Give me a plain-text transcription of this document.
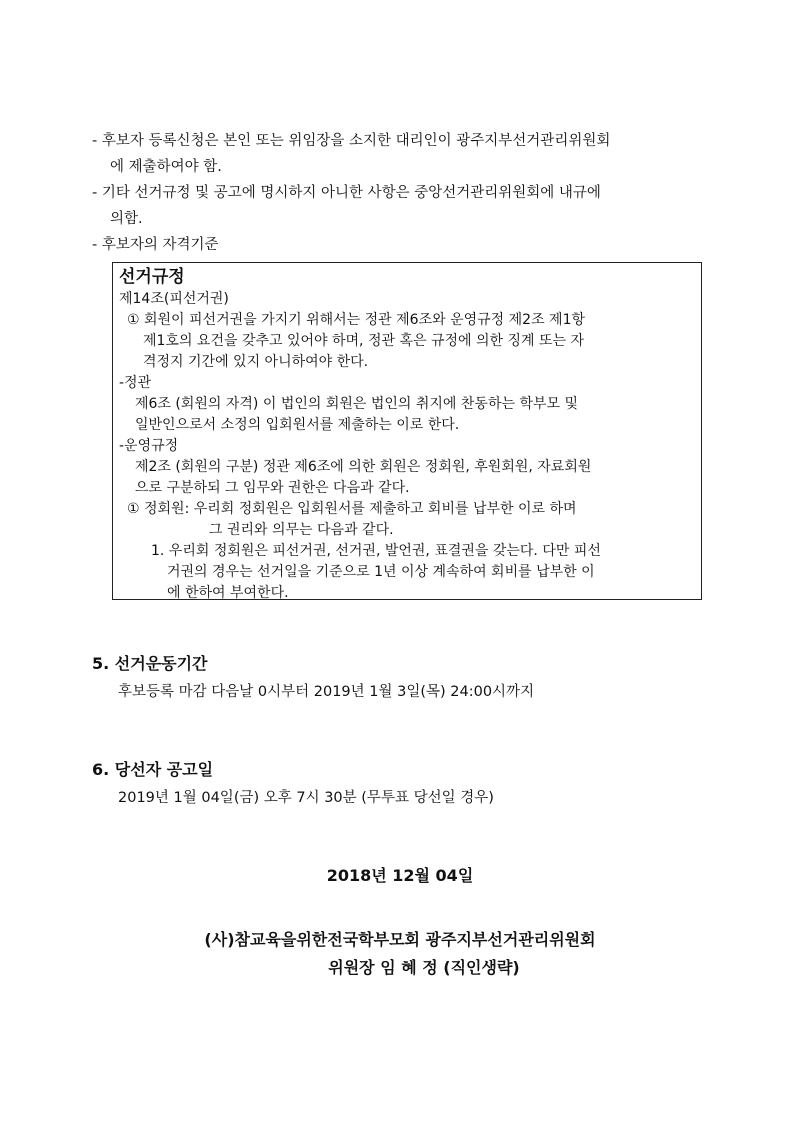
- 후보자 등록신청은 본인 또는 위임장을 소지한 대리인이 광주지부선거관리위원회
에 제출하여야 함.
- 기타 선거규정 및 공고에 명시하지 아니한 사항은 중앙선거관리위원회에 내규에
의함.
- 후보자의 자격기준
선거규정
제14조(피선거권)
① 회원이 피선거권을 가지기 위해서는 정관 제6조와 운영규정 제2조 제1항
제1호의 요건을 갖추고 있어야 하며, 정관 혹은 규정에 의한 징계 또는 자
격정지 기간에 있지 아니하여야 한다.
-정관
제6조 (회원의 자격) 이 법인의 회원은 법인의 취지에 찬동하는 학부모 및
일반인으로서 소정의 입회원서를 제출하는 이로 한다.
-운영규정
제2조 (회원의 구분) 정관 제6조에 의한 회원은 정회원, 후원회원, 자료회원
으로 구분하되 그 임무와 권한은 다음과 같다.
① 정회원: 우리회 정회원은 입회원서를 제출하고 회비를 납부한 이로 하며
그 권리와 의무는 다음과 같다.
1. 우리회 정회원은 피선거권, 선거권, 발언권, 표결권을 갖는다. 다만 피선
거권의 경우는 선거일을 기준으로 1년 이상 계속하여 회비를 납부한 이
에 한하여 부여한다.
5. 선거운동기간
후보등록 마감 다음날 0시부터 2019년 1월 3일(목) 24:00시까지
6. 당선자 공고일
2019년 1월 04일(금) 오후 7시 30분 (무투표 당선일 경우)
2018년 12월 04일
(사)참교육을위한전국학부모회 광주지부선거관리위원회
위원장 임 혜 정 (직인생략)
